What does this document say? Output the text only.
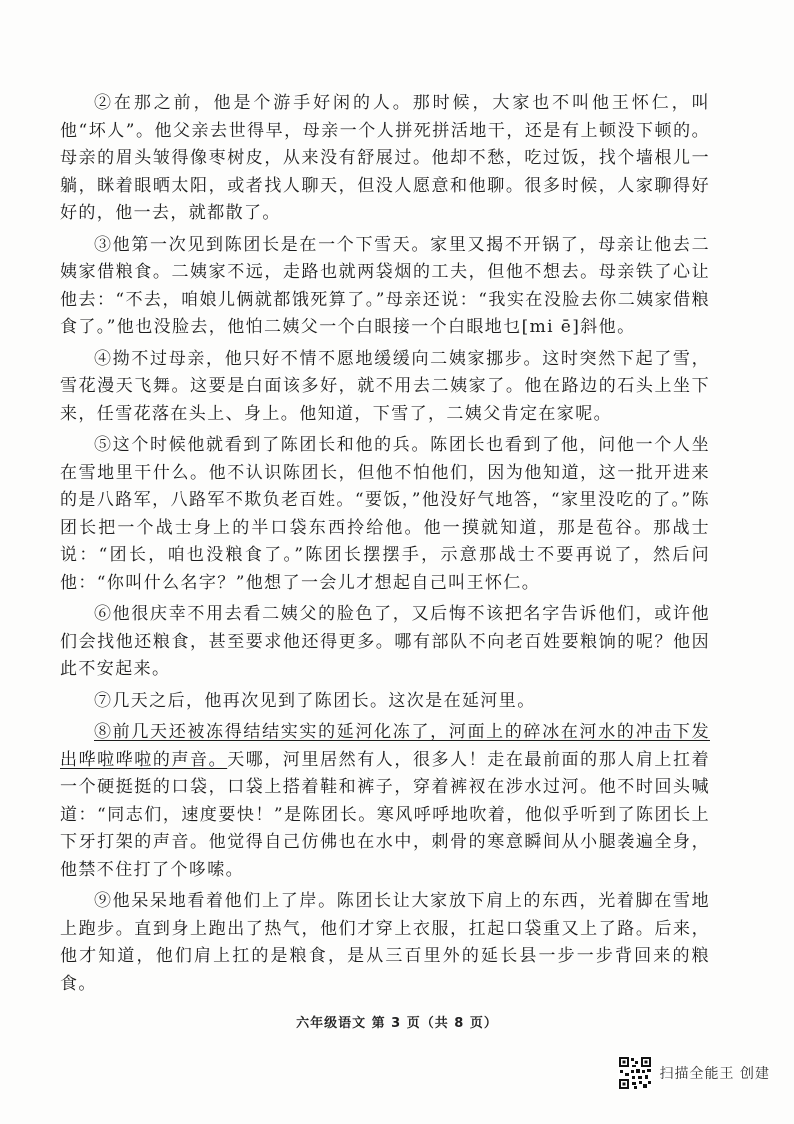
②在那之前，他是个游手好闲的人。那时候，大家也不叫他王怀仁，叫他“坏人”。他父亲去世得早，母亲一个人拼死拼活地干，还是有上顿没下顿的。母亲的眉头皱得像枣树皮，从来没有舒展过。他却不愁，吃过饭，找个墙根儿一躺，眯着眼晒太阳，或者找人聊天，但没人愿意和他聊。很多时候，人家聊得好好的，他一去，就都散了。

③他第一次见到陈团长是在一个下雪天。家里又揭不开锅了，母亲让他去二姨家借粮食。二姨家不远，走路也就两袋烟的工夫，但他不想去。母亲铁了心让他去：“不去，咱娘儿俩就都饿死算了。”母亲还说：“我实在没脸去你二姨家借粮食了。”他也没脸去，他怕二姨父一个白眼接一个白眼地乜[mi ē]斜他。

④拗不过母亲，他只好不情不愿地缓缓向二姨家挪步。这时突然下起了雪，雪花漫天飞舞。这要是白面该多好，就不用去二姨家了。他在路边的石头上坐下来，任雪花落在头上、身上。他知道，下雪了，二姨父肯定在家呢。

⑤这个时候他就看到了陈团长和他的兵。陈团长也看到了他，问他一个人坐在雪地里干什么。他不认识陈团长，但他不怕他们，因为他知道，这一批开进来的是八路军，八路军不欺负老百姓。“要饭，”他没好气地答，“家里没吃的了。”陈团长把一个战士身上的半口袋东西拎给他。他一摸就知道，那是苞谷。那战士说：“团长，咱也没粮食了。”陈团长摆摆手，示意那战士不要再说了，然后问他：“你叫什么名字？”他想了一会儿才想起自己叫王怀仁。

⑥他很庆幸不用去看二姨父的脸色了，又后悔不该把名字告诉他们，或许他们会找他还粮食，甚至要求他还得更多。哪有部队不向老百姓要粮饷的呢？他因此不安起来。

⑦几天之后，他再次见到了陈团长。这次是在延河里。

⑧前几天还被冻得结结实实的延河化冻了，河面上的碎冰在河水的冲击下发出哗啦哗啦的声音。天哪，河里居然有人，很多人！走在最前面的那人肩上扛着一个硬挺挺的口袋，口袋上搭着鞋和裤子，穿着裤衩在涉水过河。他不时回头喊道：“同志们，速度要快！”是陈团长。寒风呼呼地吹着，他似乎听到了陈团长上下牙打架的声音。他觉得自己仿佛也在水中，刺骨的寒意瞬间从小腿袭遍全身，他禁不住打了个哆嗦。

⑨他呆呆地看着他们上了岸。陈团长让大家放下肩上的东西，光着脚在雪地上跑步。直到身上跑出了热气，他们才穿上衣服，扛起口袋重又上了路。后来，他才知道，他们肩上扛的是粮食，是从三百里外的延长县一步一步背回来的粮食。

六年级语文 第 3 页（共 8 页）
扫描全能王 创建
